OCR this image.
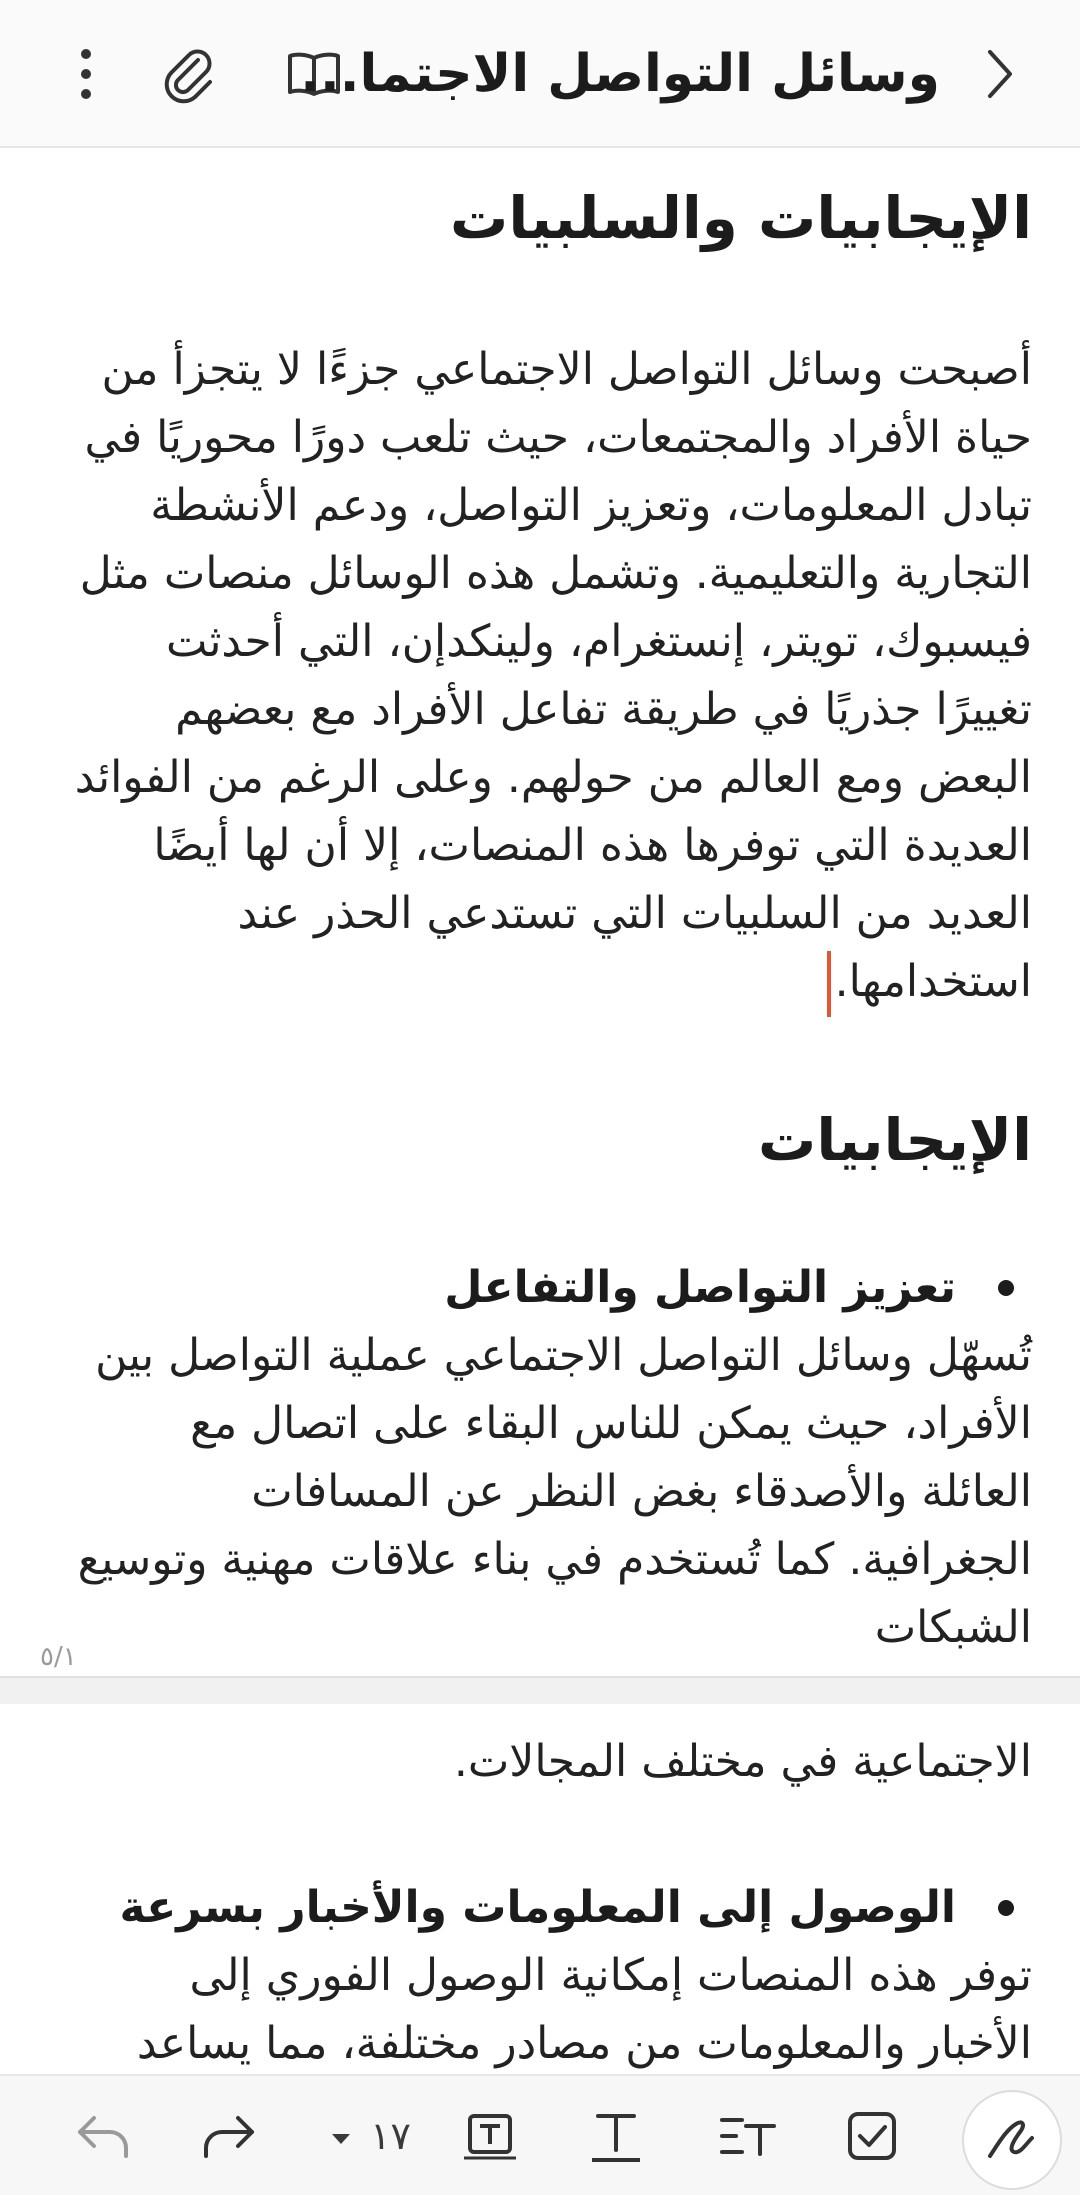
وسائل التواصل الاجتما...
الإيجابيات والسلبيات

أصبحت وسائل التواصل الاجتماعي جزءًا لا يتجزأ من حياة الأفراد والمجتمعات، حيث تلعب دورًا محوريًا في تبادل المعلومات، وتعزيز التواصل، ودعم الأنشطة التجارية والتعليمية. وتشمل هذه الوسائل منصات مثل فيسبوك، تويتر، إنستغرام، ولينكدإن، التي أحدثت تغييرًا جذريًا في طريقة تفاعل الأفراد مع بعضهم البعض ومع العالم من حولهم. وعلى الرغم من الفوائد العديدة التي توفرها هذه المنصات، إلا أن لها أيضًا العديد من السلبيات التي تستدعي الحذر عند استخدامها.

الإيجابيات

تعزيز التواصل والتفاعل

تُسهّل وسائل التواصل الاجتماعي عملية التواصل بين الأفراد، حيث يمكن للناس البقاء على اتصال مع العائلة والأصدقاء بغض النظر عن المسافات الجغرافية. كما تُستخدم في بناء علاقات مهنية وتوسيع الشبكات

٥/١

الاجتماعية في مختلف المجالات.

الوصول إلى المعلومات والأخبار بسرعة

توفر هذه المنصات إمكانية الوصول الفوري إلى الأخبار والمعلومات من مصادر مختلفة، مما يساعد

١٧
